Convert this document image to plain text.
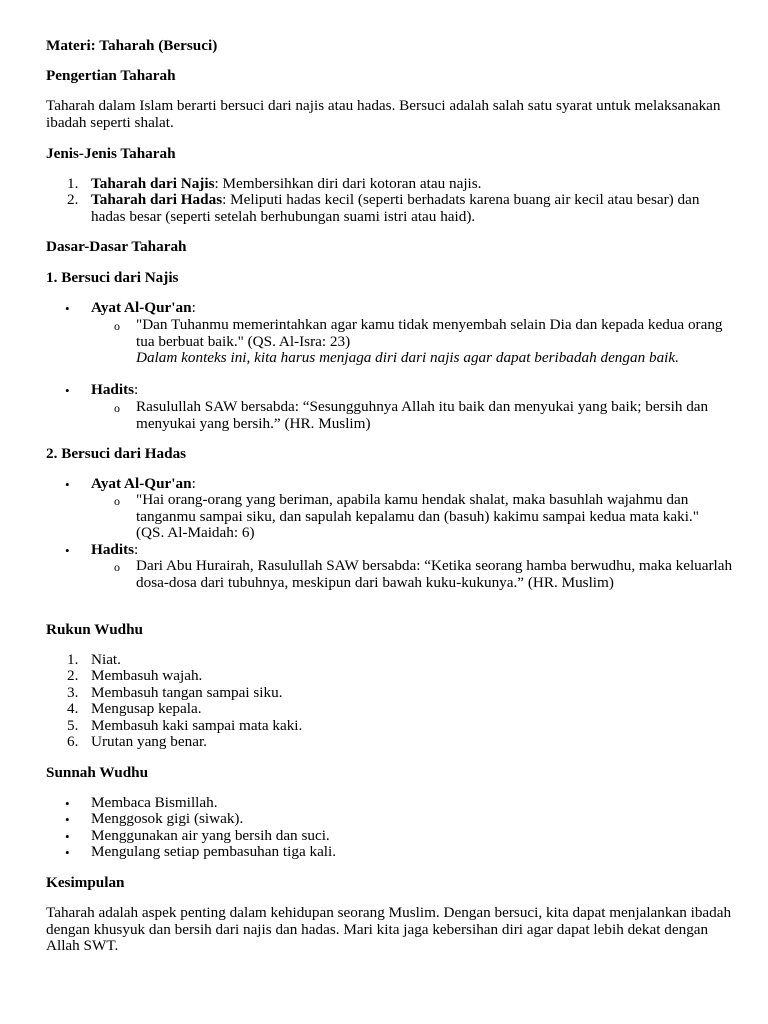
Materi: Taharah (Bersuci)
Pengertian Taharah
Taharah dalam Islam berarti bersuci dari najis atau hadas. Bersuci adalah salah satu syarat untuk melaksanakan ibadah seperti shalat.
Jenis-Jenis Taharah
1. Taharah dari Najis: Membersihkan diri dari kotoran atau najis.
2. Taharah dari Hadas: Meliputi hadas kecil (seperti berhadats karena buang air kecil atau besar) dan hadas besar (seperti setelah berhubungan suami istri atau haid).
Dasar-Dasar Taharah
1. Bersuci dari Najis
• Ayat Al-Qur'an:
o "Dan Tuhanmu memerintahkan agar kamu tidak menyembah selain Dia dan kepada kedua orang tua berbuat baik." (QS. Al-Isra: 23)
Dalam konteks ini, kita harus menjaga diri dari najis agar dapat beribadah dengan baik.
• Hadits:
o Rasulullah SAW bersabda: “Sesungguhnya Allah itu baik dan menyukai yang baik; bersih dan menyukai yang bersih.” (HR. Muslim)
2. Bersuci dari Hadas
• Ayat Al-Qur'an:
o "Hai orang-orang yang beriman, apabila kamu hendak shalat, maka basuhlah wajahmu dan tanganmu sampai siku, dan sapulah kepalamu dan (basuh) kakimu sampai kedua mata kaki." (QS. Al-Maidah: 6)
• Hadits:
o Dari Abu Hurairah, Rasulullah SAW bersabda: “Ketika seorang hamba berwudhu, maka keluarlah dosa-dosa dari tubuhnya, meskipun dari bawah kuku-kukunya.” (HR. Muslim)
Rukun Wudhu
1. Niat.
2. Membasuh wajah.
3. Membasuh tangan sampai siku.
4. Mengusap kepala.
5. Membasuh kaki sampai mata kaki.
6. Urutan yang benar.
Sunnah Wudhu
• Membaca Bismillah.
• Menggosok gigi (siwak).
• Menggunakan air yang bersih dan suci.
• Mengulang setiap pembasuhan tiga kali.
Kesimpulan
Taharah adalah aspek penting dalam kehidupan seorang Muslim. Dengan bersuci, kita dapat menjalankan ibadah dengan khusyuk dan bersih dari najis dan hadas. Mari kita jaga kebersihan diri agar dapat lebih dekat dengan Allah SWT.
